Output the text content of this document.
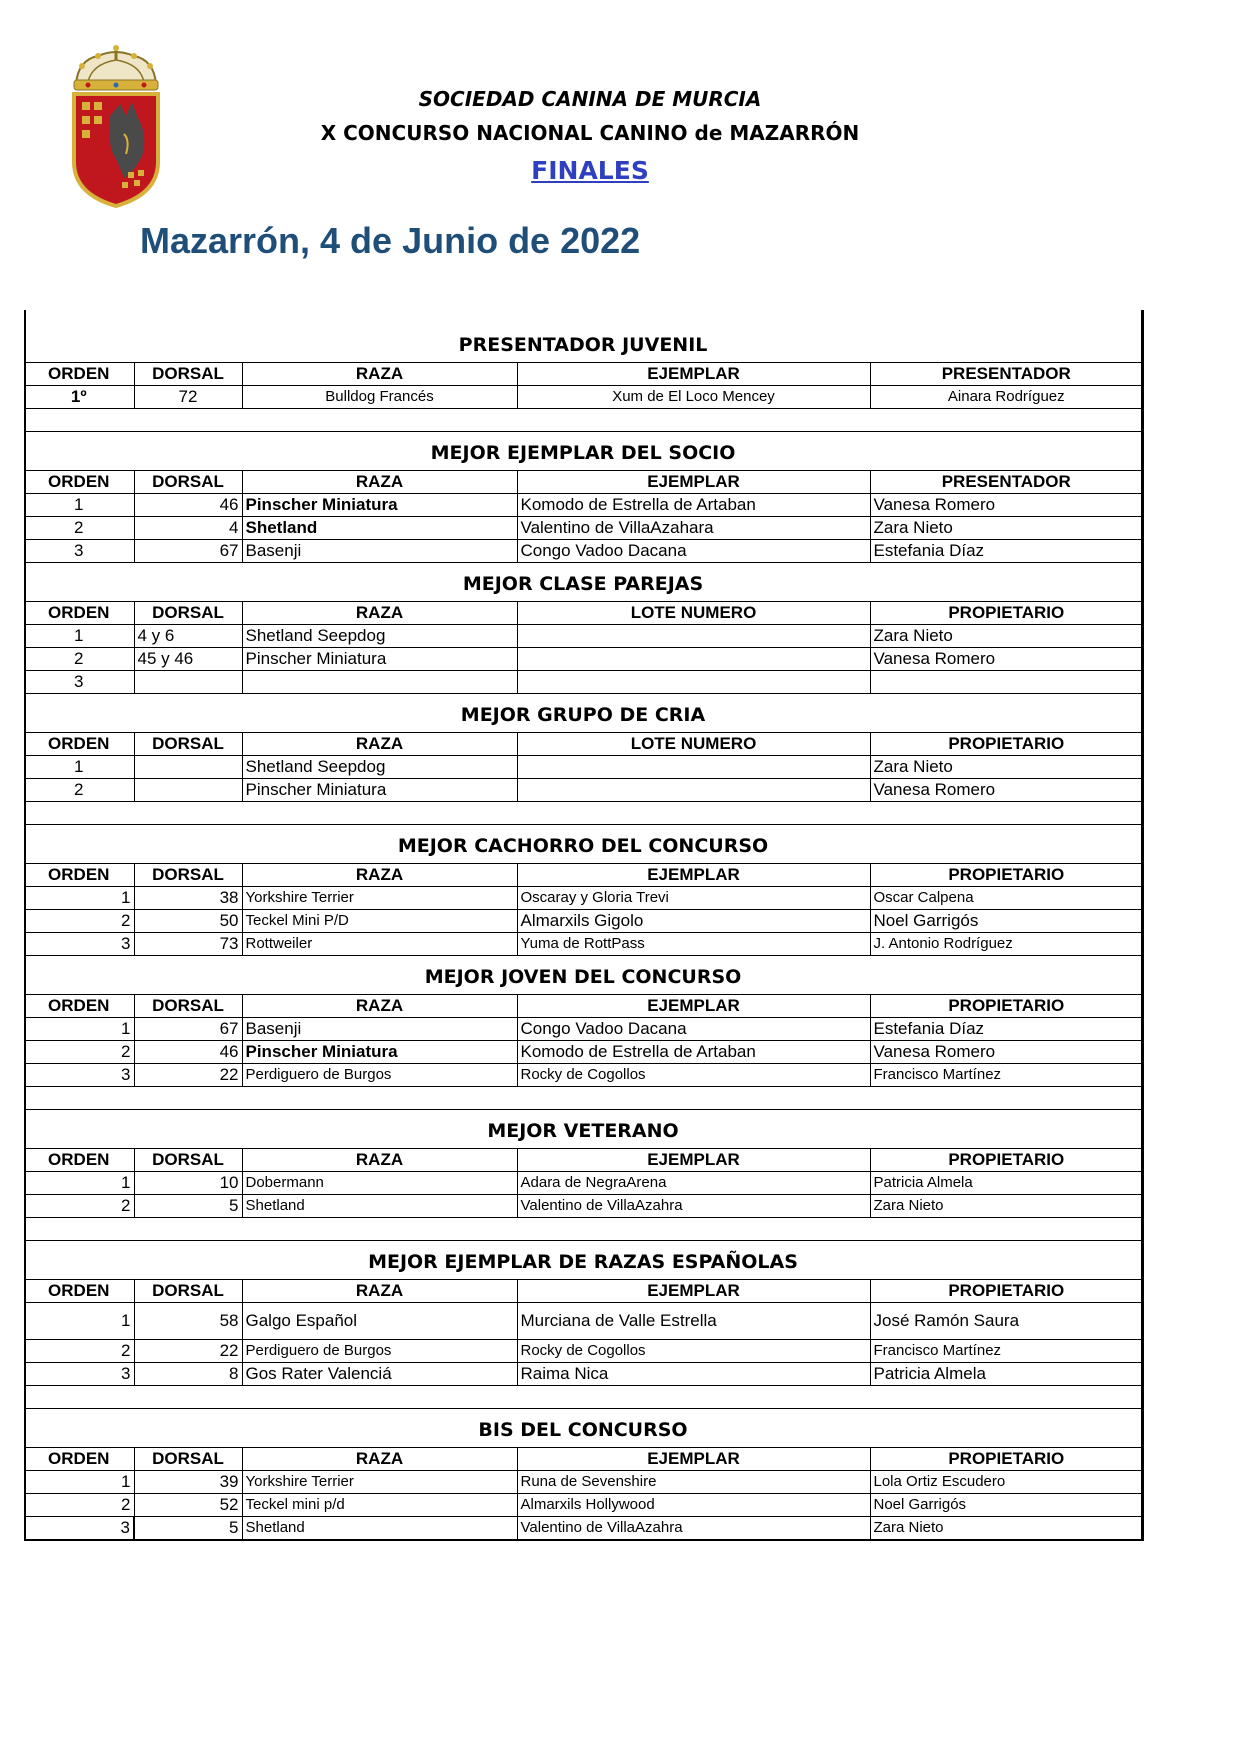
SOCIEDAD CANINA DE MURCIA
X CONCURSO NACIONAL CANINO de MAZARRÓN
FINALES
Mazarrón, 4 de Junio de 2022
PRESENTADOR JUVENIL				
ORDEN	DORSAL	RAZA	EJEMPLAR	PRESENTADOR
1º	72	Bulldog Francés	Xum de El Loco Mencey	Ainara Rodríguez

MEJOR EJEMPLAR DEL SOCIO				
ORDEN	DORSAL	RAZA	EJEMPLAR	PRESENTADOR
1	46	Pinscher Miniatura	Komodo de Estrella de Artaban	Vanesa Romero
2	4	Shetland	Valentino de VillaAzahara	Zara Nieto
3	67	Basenji	Congo Vadoo Dacana	Estefania Díaz
MEJOR CLASE PAREJAS				
ORDEN	DORSAL	RAZA	LOTE NUMERO	PROPIETARIO
1	4 y 6	Shetland Seepdog		Zara Nieto
2	45 y 46	Pinscher Miniatura		Vanesa Romero
3				
MEJOR GRUPO DE CRIA				
ORDEN	DORSAL	RAZA	LOTE NUMERO	PROPIETARIO
1		Shetland Seepdog		Zara Nieto
2		Pinscher Miniatura		Vanesa Romero

MEJOR CACHORRO DEL CONCURSO				
ORDEN	DORSAL	RAZA	EJEMPLAR	PROPIETARIO
1	38	Yorkshire Terrier	Oscaray y Gloria Trevi	Oscar Calpena
2	50	Teckel Mini P/D	Almarxils Gigolo	Noel Garrigós
3	73	Rottweiler	Yuma de RottPass	J. Antonio Rodríguez
MEJOR JOVEN DEL CONCURSO				
ORDEN	DORSAL	RAZA	EJEMPLAR	PROPIETARIO
1	67	Basenji	Congo Vadoo Dacana	Estefania Díaz
2	46	Pinscher Miniatura	Komodo de Estrella de Artaban	Vanesa Romero
3	22	Perdiguero de Burgos	Rocky de Cogollos	Francisco Martínez

MEJOR VETERANO				
ORDEN	DORSAL	RAZA	EJEMPLAR	PROPIETARIO
1	10	Dobermann	Adara de NegraArena	Patricia Almela
2	5	Shetland	Valentino de VillaAzahra	Zara Nieto

MEJOR EJEMPLAR DE RAZAS ESPAÑOLAS				
ORDEN	DORSAL	RAZA	EJEMPLAR	PROPIETARIO
1	58	Galgo Español	Murciana de Valle Estrella	José Ramón Saura
2	22	Perdiguero de Burgos	Rocky de Cogollos	Francisco Martínez
3	8	Gos Rater Valenciá	Raima Nica	Patricia Almela

BIS DEL CONCURSO				
ORDEN	DORSAL	RAZA	EJEMPLAR	PROPIETARIO
1	39	Yorkshire Terrier	Runa de Sevenshire	Lola Ortiz Escudero
2	52	Teckel mini p/d	Almarxils Hollywood	Noel Garrigós
3	5	Shetland	Valentino de VillaAzahra	Zara Nieto
